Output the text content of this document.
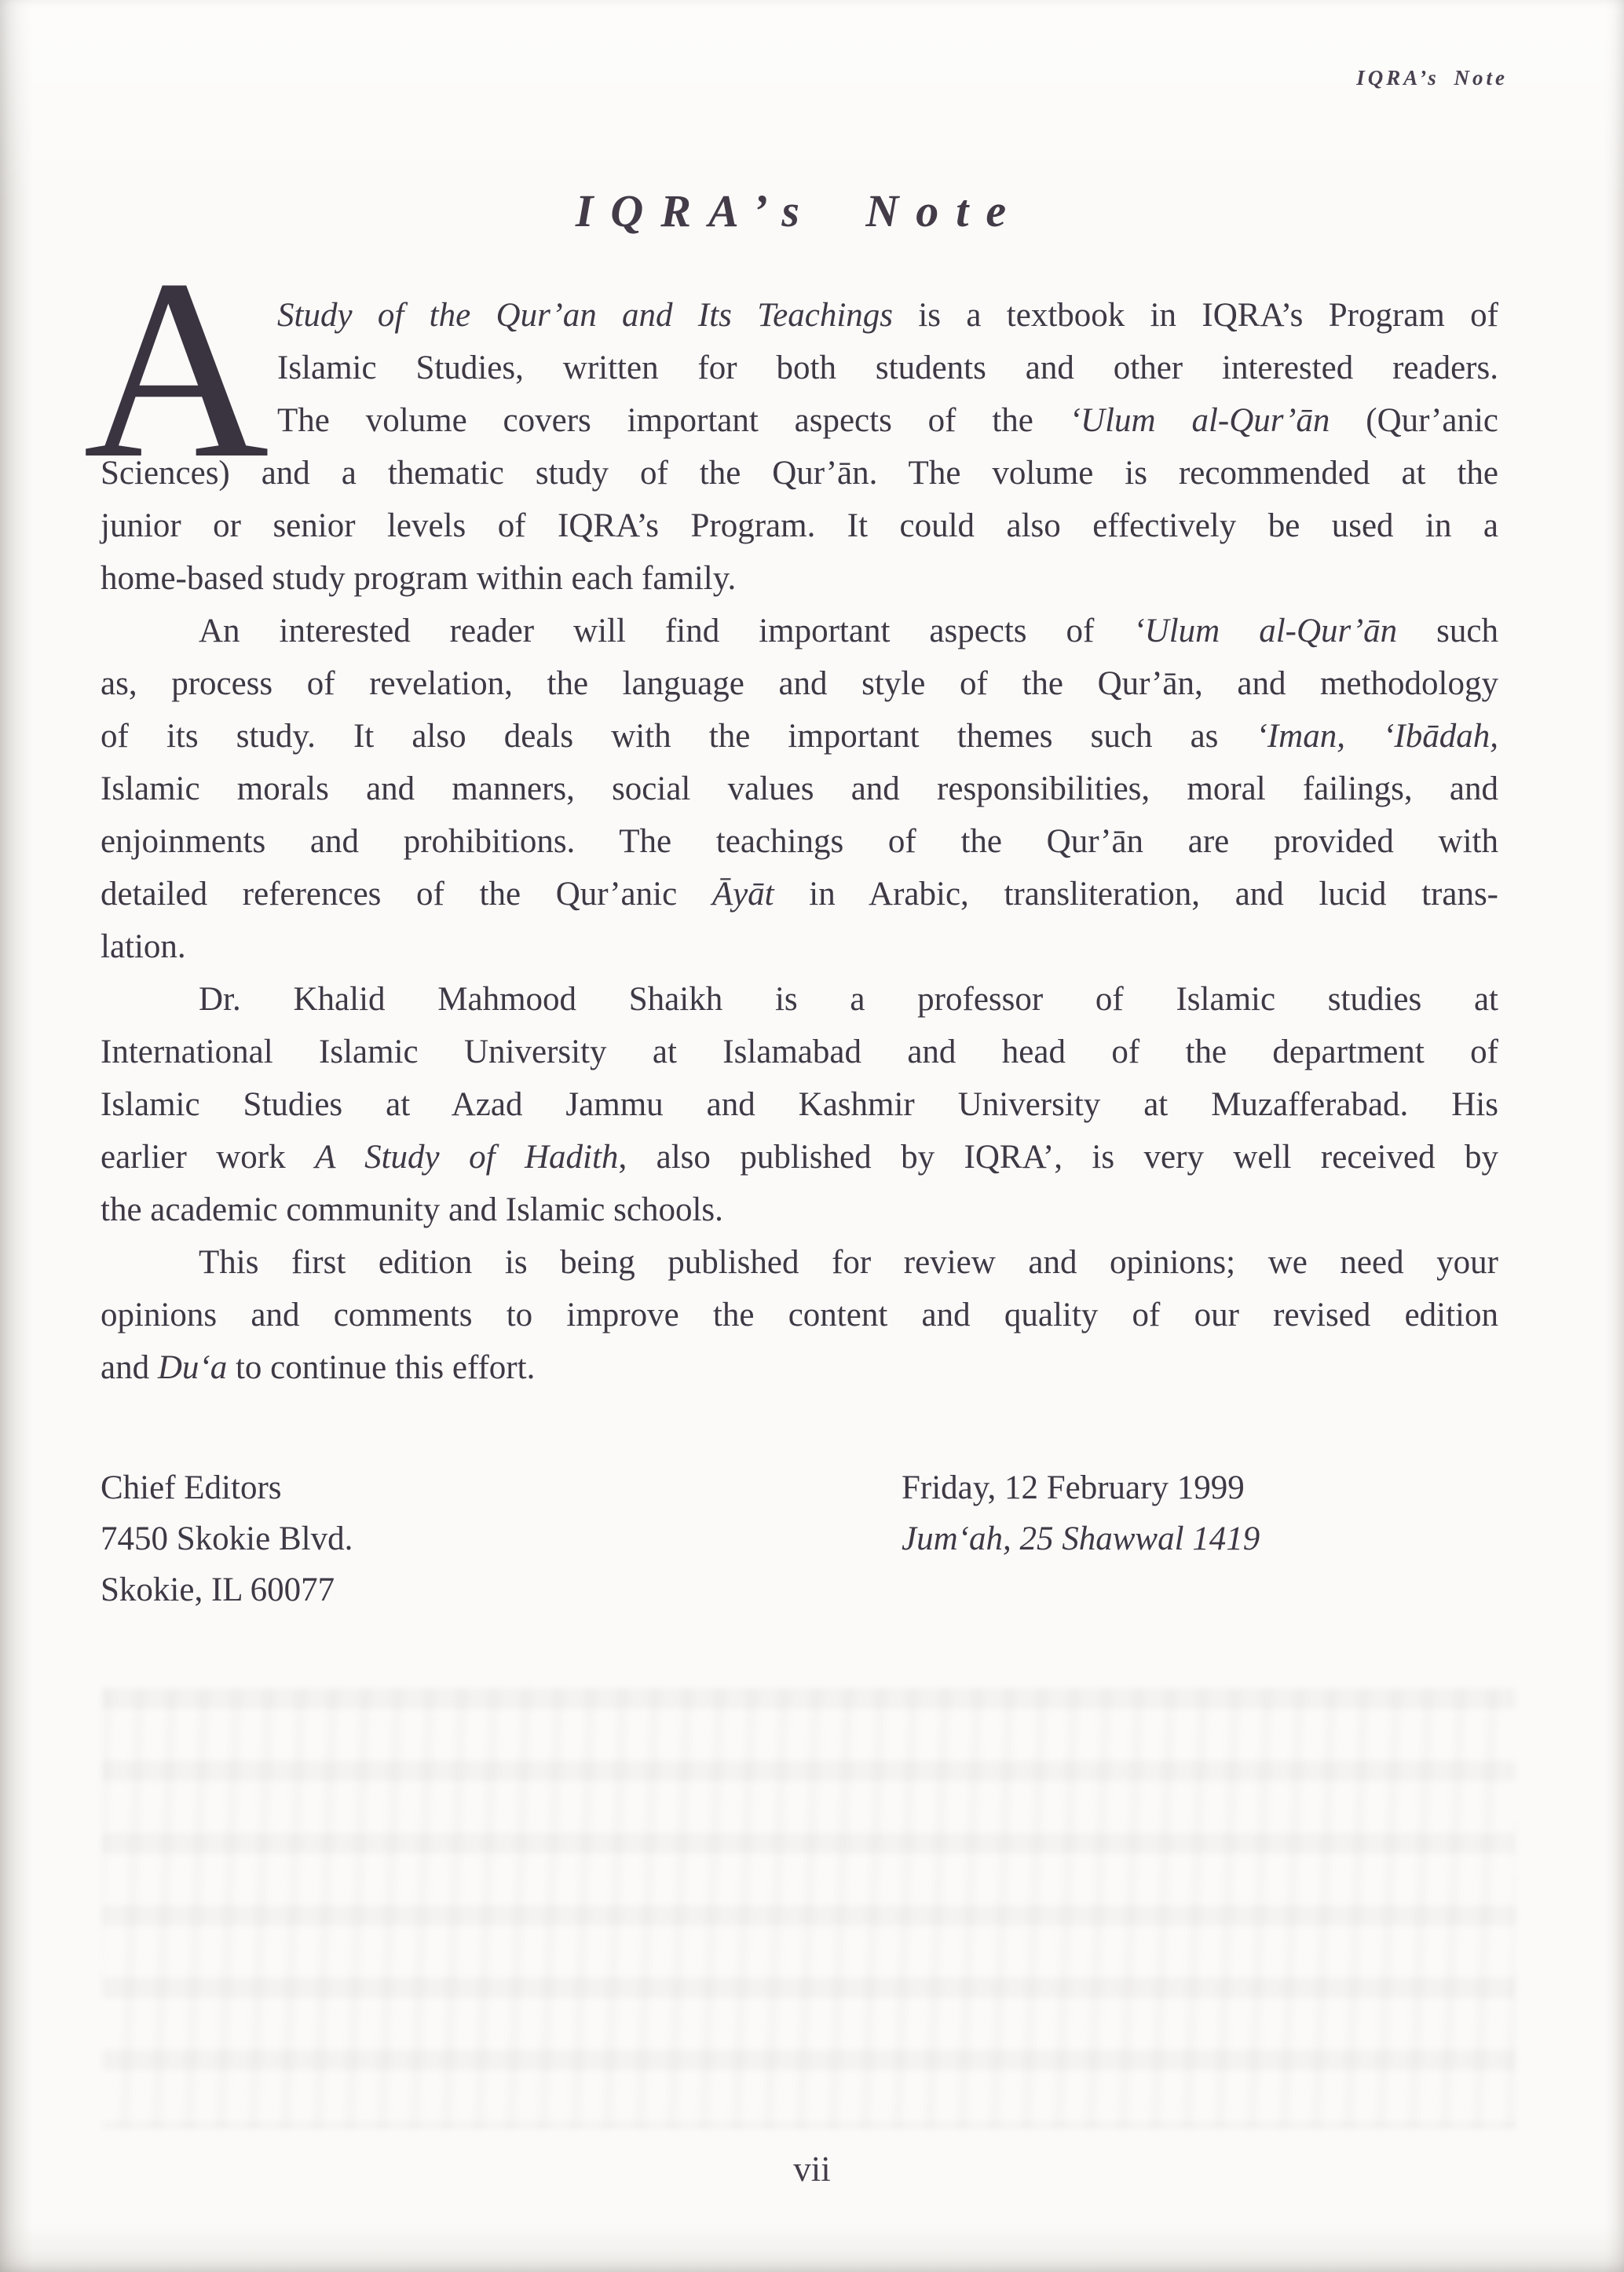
IQRA’s Note
IQRA’s Note
A Study of the Qur’an and Its Teachings is a textbook in IQRA’s Program of
Islamic Studies, written for both students and other interested readers.
The volume covers important aspects of the ‘Ulum al-Qur’ān (Qur’anic
Sciences) and a thematic study of the Qur’ān. The volume is recommended at the
junior or senior levels of IQRA’s Program. It could also effectively be used in a
home-based study program within each family.
An interested reader will find important aspects of ‘Ulum al-Qur’ān such
as, process of revelation, the language and style of the Qur’ān, and methodology
of its study. It also deals with the important themes such as ‘Iman, ‘Ibādah,
Islamic morals and manners, social values and responsibilities, moral failings, and
enjoinments and prohibitions. The teachings of the Qur’ān are provided with
detailed references of the Qur’anic Āyāt in Arabic, transliteration, and lucid trans-
lation.
Dr. Khalid Mahmood Shaikh is a professor of Islamic studies at
International Islamic University at Islamabad and head of the department of
Islamic Studies at Azad Jammu and Kashmir University at Muzafferabad. His
earlier work A Study of Hadith, also published by IQRA’, is very well received by
the academic community and Islamic schools.
This first edition is being published for review and opinions; we need your
opinions and comments to improve the content and quality of our revised edition
and Du‘a to continue this effort.
Chief Editors
7450 Skokie Blvd.
Skokie, IL 60077
Friday, 12 February 1999
Jum‘ah, 25 Shawwal 1419
vii
